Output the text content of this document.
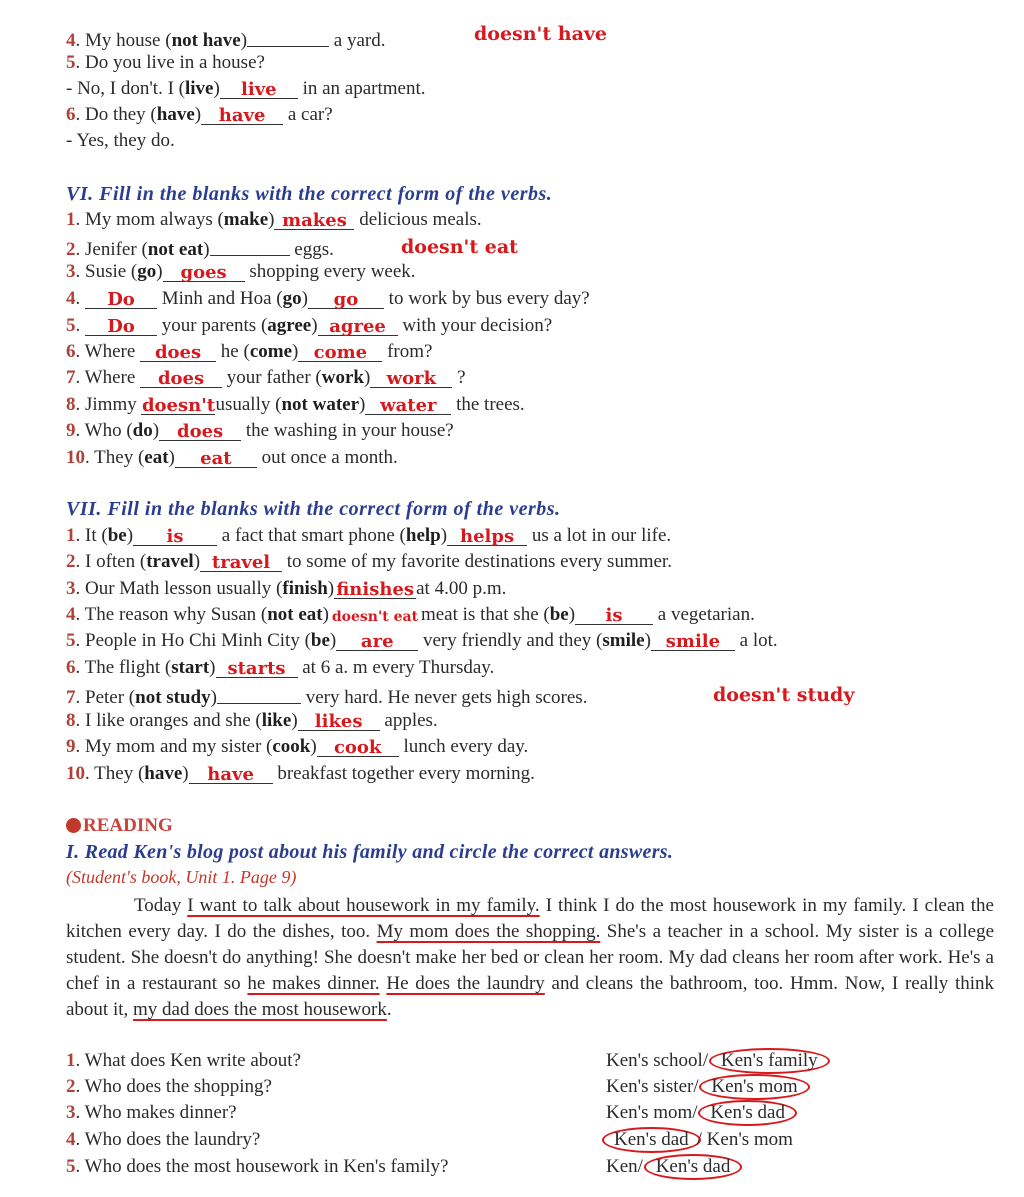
4. My house (not have)	a yard.	doesn't have
5. Do you live in a house?
- No, I don't. I (live) live in an apartment.
6. Do they (have) have a car?
- Yes, they do.
VI. Fill in the blanks with the correct form of the verbs.
1. My mom always (make) makes delicious meals.
2. Jenifer (not eat)	eggs.	doesn't eat
3. Susie (go) goes shopping every week.
4. Do Minh and Hoa (go) go to work by bus every day?
5. Do your parents (agree) agree with your decision?
6. Where does he (come) come from?
7. Where does your father (work) work ?
8. Jimmy doesn'tusually (not water) water the trees.
9. Who (do) does the washing in your house?
10. They (eat) eat out once a month.
VII. Fill in the blanks with the correct form of the verbs.
1. It (be) is a fact that smart phone (help) helps us a lot in our life.
2. I often (travel) travel to some of my favorite destinations every summer.
3. Our Math lesson usually (finish) finishes at 4.00 p.m.
4. The reason why Susan (not eat) doesn't eat meat is that she (be) is a vegetarian.
5. People in Ho Chi Minh City (be) are very friendly and they (smile) smile a lot.
6. The flight (start) starts at 6 a. m every Thursday.
7. Peter (not study)	very hard. He never gets high scores.	doesn't study
8. I like oranges and she (like) likes apples.
9. My mom and my sister (cook) cook lunch every day.
10. They (have) have breakfast together every morning.
READING
I. Read Ken's blog post about his family and circle the correct answers.
(Student's book, Unit 1. Page 9)
Today I want to talk about housework in my family. I think I do the most housework in my family. I clean the kitchen every day. I do the dishes, too. My mom does the shopping. She's a teacher in a school. My sister is a college student. She doesn't do anything! She doesn't make her bed or clean her room. My dad cleans her room after work. He's a chef in a restaurant so he makes dinner. He does the laundry and cleans the bathroom, too. Hmm. Now, I really think about it, my dad does the most housework.
1. What does Ken write about?	Ken's school/ Ken's family
2. Who does the shopping?	Ken's sister/ Ken's mom
3. Who makes dinner?	Ken's mom/ Ken's dad
4. Who does the laundry?	Ken's dad / Ken's mom
5. Who does the most housework in Ken's family?	Ken/ Ken's dad
